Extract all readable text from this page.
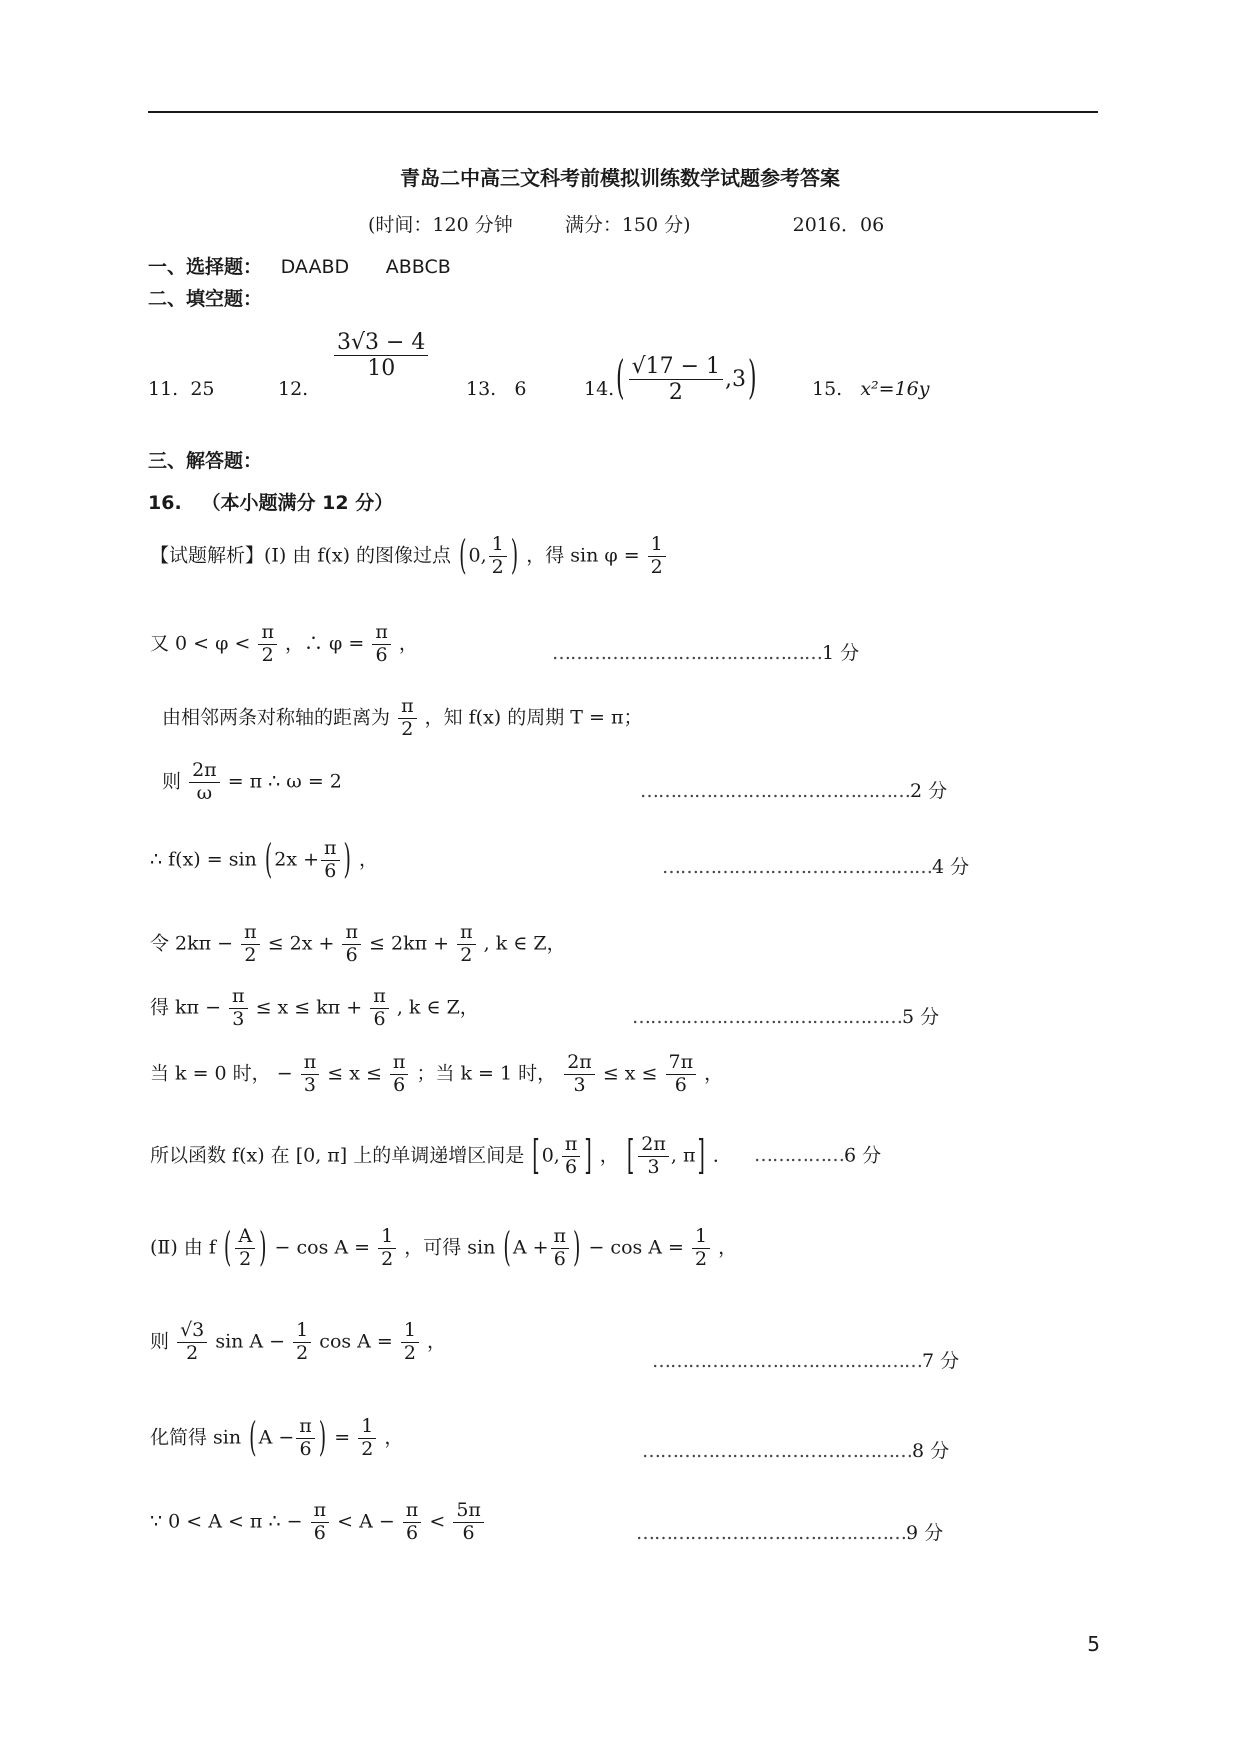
青岛二中高三文科考前模拟训练数学试题参考答案
(时间：120 分钟	满分：150 分)	2016．06
一、选择题： DAABD ABBCB
二、填空题：
11. 25	12.
$\frac{3√3 - 4}{10}$
13. 6	14. ( $\frac{√17 - 1}{2} ,3$)	15. x²=16y
三、解答题：
16. （本小题满分 12 分）
【试题解析】(Ⅰ) 由 f(x) 的图像过点 ( 0, $\frac{1}{2}$ ) ，得 $\sin \varphi = \frac{1}{2}$
又 $0 < \varphi < \frac{\pi}{2}$ ，∴ $\varphi = \frac{\pi}{6}$ ，	………………………………………1 分
由相邻两条对称轴的距离为 $\frac{\pi}{2}$ ，知 f(x) 的周期 T = π；
则 $\frac{2\pi}{\omega} = \pi$ ∴ ω = 2	………………………………………2 分
∴ f(x) = sin ( $2x + \frac{\pi}{6}$ ) ，	………………………………………4 分
令 $2k\pi - \frac{\pi}{2} \le 2x + \frac{\pi}{6} \le 2k\pi + \frac{\pi}{2}$ , k ∈ Z，
得 $k\pi - \frac{\pi}{3} \le x \le k\pi + \frac{\pi}{6}$ , k ∈ Z，	………………………………………5 分
当 k = 0 时， − $\frac{\pi}{3} \le x \le \frac{\pi}{6}$ ；当 k = 1 时， $\frac{2\pi}{3} \le x \le \frac{7\pi}{6}$ ，
所以函数 f(x) 在 [0, π] 上的单调递增区间是 [ 0, $\frac{\pi}{6}$ ] ， [ $\frac{2\pi}{3}$ , π ] ． ……………6 分
(Ⅱ) 由 f ( $\frac{A}{2}$ ) − $\cos A = \frac{1}{2}$ ，可得 sin ( $A + \frac{\pi}{6}$ ) − $\cos A = \frac{1}{2}$ ，
则 $\frac{√3}{2}$ $\sin A - \frac{1}{2}$ $\cos A = \frac{1}{2}$ ，
………………………………………7 分
化简得 sin ( $A - \frac{\pi}{6}$ ) = $\frac{1}{2}$ ，
………………………………………8 分
∵ 0 < A < π ∴ − $\frac{\pi}{6} < A - \frac{\pi}{6} < \frac{5\pi}{6}$	………………………………………9 分
5
